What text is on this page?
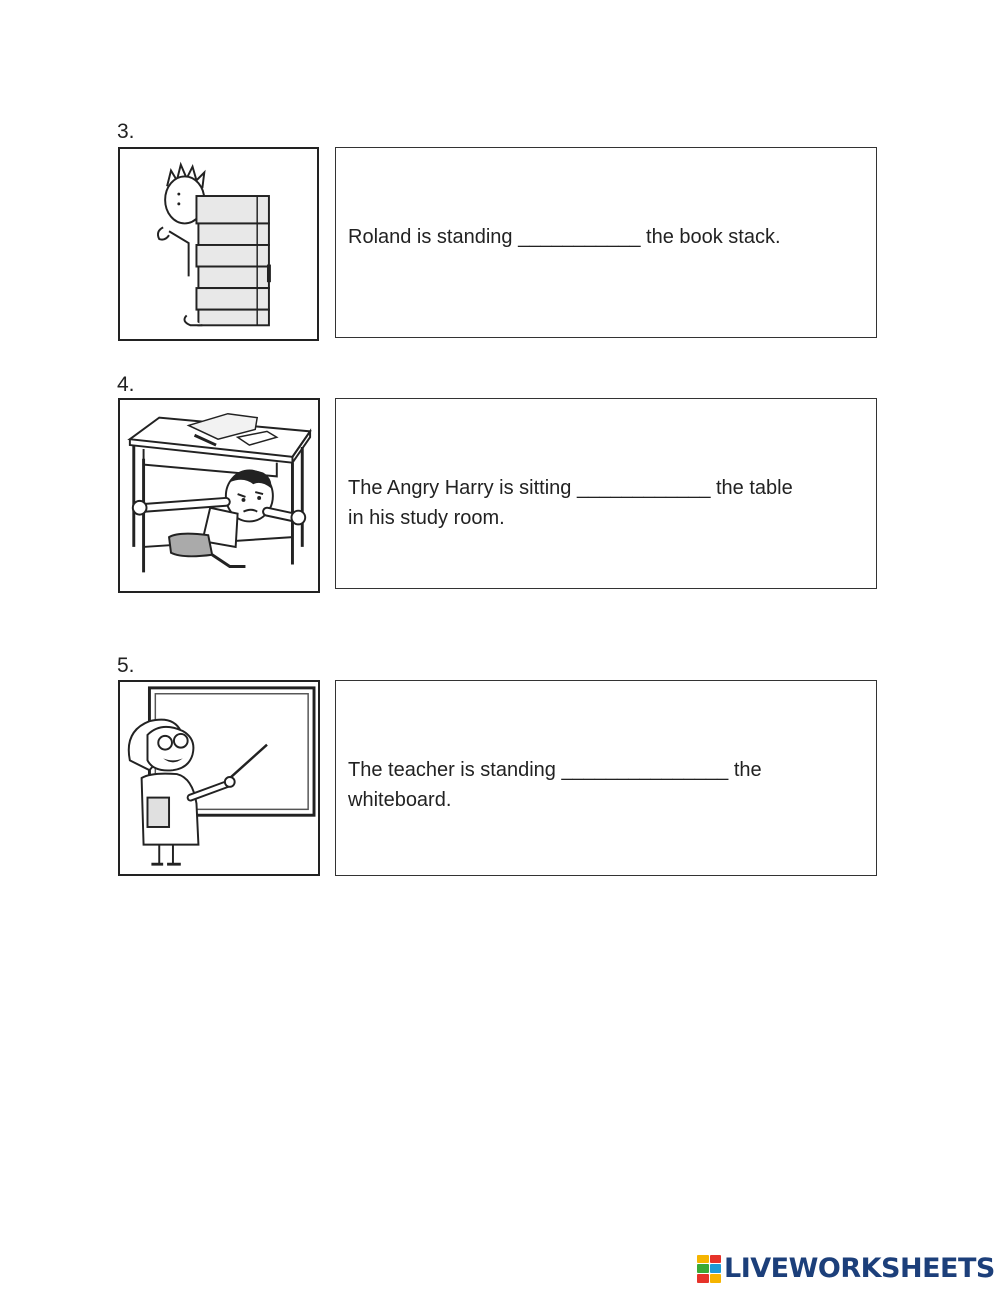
3.
Roland is standing ___________ the book stack.
4.
The Angry Harry is sitting ____________ the table
in his study room.
5.
The teacher is standing _______________ the
whiteboard.
LIVEWORKSHEETS
